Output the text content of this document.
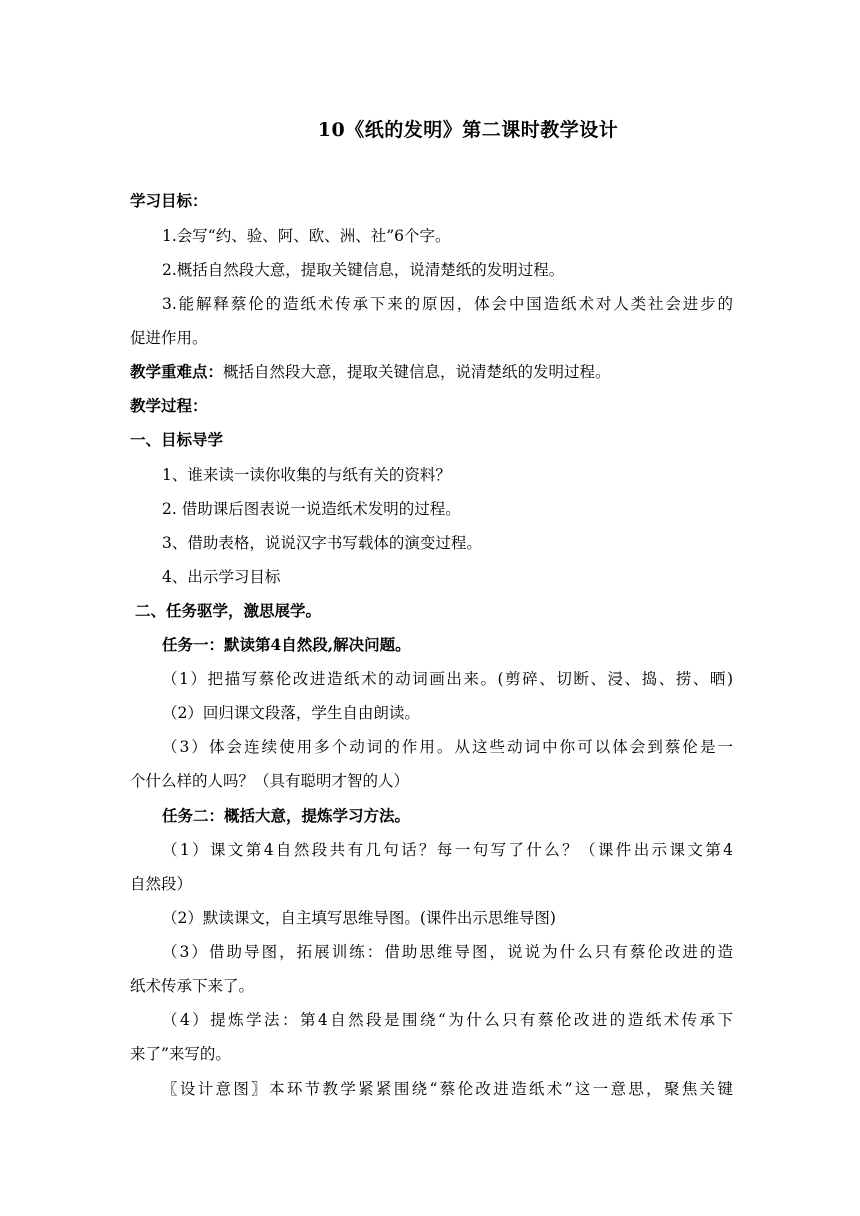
10《纸的发明》第二课时教学设计
学习目标：
1.会写“约、验、阿、欧、洲、社”6个字。
2.概括自然段大意，提取关键信息，说清楚纸的发明过程。
3.能解释蔡伦的造纸术传承下来的原因，体会中国造纸术对人类社会进步的
促进作用。
教学重难点：概括自然段大意，提取关键信息，说清楚纸的发明过程。
教学过程：
一、目标导学
1、谁来读一读你收集的与纸有关的资料？
2. 借助课后图表说一说造纸术发明的过程。
3、借助表格，说说汉字书写载体的演变过程。
4、出示学习目标
二、任务驱学，激思展学。
任务一：默读第4自然段,解决问题。
（1）把描写蔡伦改进造纸术的动词画出来。(剪碎、切断、浸、捣、捞、晒)
（2）回归课文段落，学生自由朗读。
（3）体会连续使用多个动词的作用。从这些动词中你可以体会到蔡伦是一
个什么样的人吗？（具有聪明才智的人）
任务二：概括大意，提炼学习方法。
（1）课文第4自然段共有几句话？每一句写了什么？（课件出示课文第4
自然段）
（2）默读课文，自主填写思维导图。(课件出示思维导图)
（3）借助导图，拓展训练：借助思维导图，说说为什么只有蔡伦改进的造
纸术传承下来了。
（4）提炼学法：第4自然段是围绕“为什么只有蔡伦改进的造纸术传承下
来了”来写的。
〖设计意图〗本环节教学紧紧围绕“蔡伦改进造纸术”这一意思，聚焦关键
